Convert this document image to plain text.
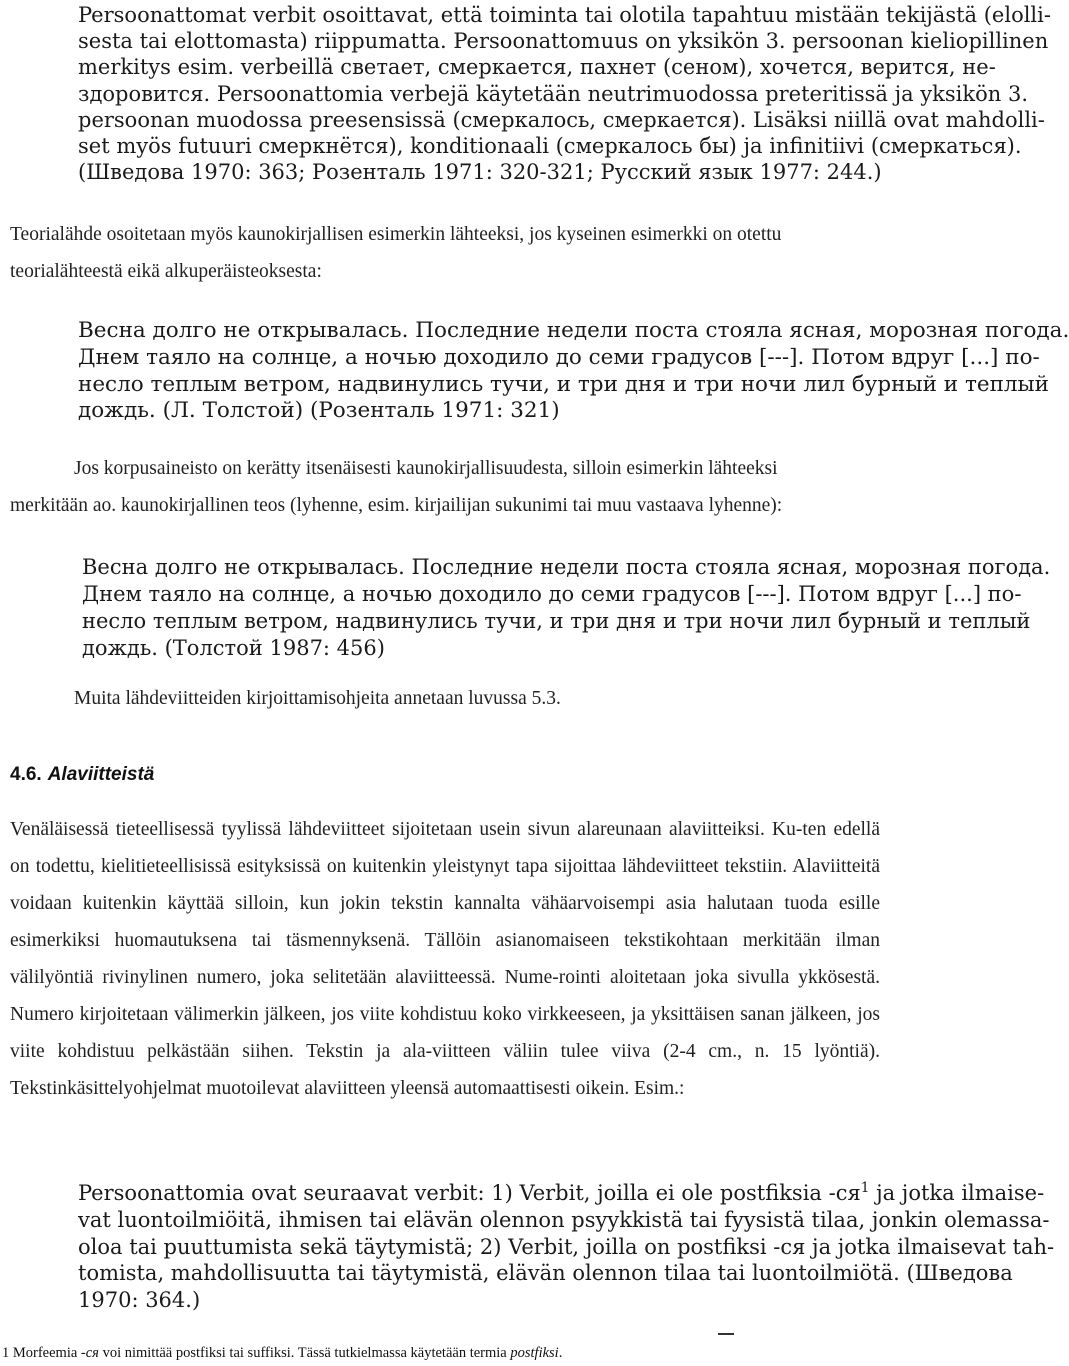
Persoonattomat verbit osoittavat, että toiminta tai olotila tapahtuu mistään tekijästä (elolli-
sesta tai elottomasta) riippumatta. Persoonattomuus on yksikön 3. persoonan kieliopillinen
merkitys esim. verbeillä светает, смеркается, пахнет (сеном), хочется, верится, не-
здоровится. Persoonattomia verbejä käytetään neutrimuodossa preteritissä ja yksikön 3.
persoonan muodossa preesensissä (смеркалось, смеркается). Lisäksi niillä ovat mahdolli-
set myös futuuri смеркнётся), konditionaali (смеркалось бы) ja infinitiivi (смеркаться).
(Шведова 1970: 363; Розенталь 1971: 320-321; Русский язык 1977: 244.)

Teorialähde osoitetaan myös kaunokirjallisen esimerkin lähteeksi, jos kyseinen esimerkki on otettu
teorialähteestä eikä alkuperäisteoksesta:

Весна долго не открывалась. Последние недели поста стояла ясная, морозная погода.
Днем таяло на солнце, а ночью доходило до семи градусов [---]. Потом вдруг [...] по-
несло теплым ветром, надвинулись тучи, и три дня и три ночи лил бурный и теплый
дождь. (Л. Толстой) (Розенталь 1971: 321)

Jos korpusaineisto on kerätty itsenäisesti kaunokirjallisuudesta, silloin esimerkin lähteeksi
merkitään ao. kaunokirjallinen teos (lyhenne, esim. kirjailijan sukunimi tai muu vastaava lyhenne):

Весна долго не открывалась. Последние недели поста стояла ясная, морозная погода.
Днем таяло на солнце, а ночью доходило до семи градусов [---]. Потом вдруг [...] по-
несло теплым ветром, надвинулись тучи, и три дня и три ночи лил бурный и теплый
дождь. (Толстой 1987: 456)

Muita lähdeviitteiden kirjoittamisohjeita annetaan luvussa 5.3.

4.6. Alaviitteistä

Venäläisessä tieteellisessä tyylissä lähdeviitteet sijoitetaan usein sivun alareunaan alaviitteiksi. Ku-ten edellä on todettu, kielitieteellisissä esityksissä on kuitenkin yleistynyt tapa sijoittaa lähdeviitteet tekstiin. Alaviitteitä voidaan kuitenkin käyttää silloin, kun jokin tekstin kannalta vähäarvoisempi asia halutaan tuoda esille esimerkiksi huomautuksena tai täsmennyksenä. Tällöin asianomaiseen tekstikohtaan merkitään ilman välilyöntiä rivinylinen numero, joka selitetään alaviitteessä. Nume-rointi aloitetaan joka sivulla ykkösestä. Numero kirjoitetaan välimerkin jälkeen, jos viite kohdistuu koko virkkeeseen, ja yksittäisen sanan jälkeen, jos viite kohdistuu pelkästään siihen. Tekstin ja ala-viitteen väliin tulee viiva (2-4 cm., n. 15 lyöntiä). Tekstinkäsittelyohjelmat muotoilevat alaviitteen yleensä automaattisesti oikein. Esim.:

Persoonattomia ovat seuraavat verbit: 1) Verbit, joilla ei ole postfiksia $-ся^1$ ja jotka ilmaise-
vat luontoilmiöitä, ihmisen tai elävän olennon psyykkistä tai fyysistä tilaa, jonkin olemassa-
oloa tai puuttumista sekä täytymistä; 2) Verbit, joilla on postfiksi -ся ja jotka ilmaisevat tah-
tomista, mahdollisuutta tai täytymistä, elävän olennon tilaa tai luontoilmiötä. (Шведова
1970: 364.)

1 Morfeemia -ся voi nimittää postfiksi tai suffiksi. Tässä tutkielmassa käytetään termia postfiksi.
